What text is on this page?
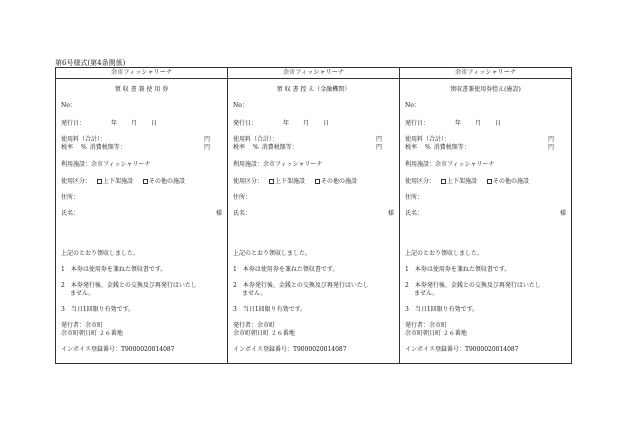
第6号様式(第4条関係)
余市フィッシャリーナ
領 収 書 兼 使 用 券
No：
発行日：	年 月 日
使用料（合計）：	円
税率 % 消費税額等：	円
利用施設：余市フィッシャリーナ
使用区分： 上下架施設	その他の施設
住所：
氏名：	様
上記のとおり領収しました。
1　本券は使用券を兼ねた領収書です。
2　本券発行後、金銭との交換及び再発行はいたし
ません。
3　当日1回限り有効です。
発行者：余市町
余市町朝日町 ２６番地
インボイス登録番号：T9000020014087
余市フィッシャリーナ
領 収 書 控 え（金融機関）
No：
発行日：	年 月 日
使用料（合計）：	円
税率 % 消費税額等：	円
利用施設：余市フィッシャリーナ
使用区分： 上下架施設	その他の施設
住所：
氏名：	様
上記のとおり領収しました。
1　本券は使用券を兼ねた領収書です。
2　本券発行後、金銭との交換及び再発行はいたし
ません。
3　当日1回限り有効です。
発行者：余市町
余市町朝日町 ２６番地
インボイス登録番号：T9000020014087
余市フィッシャリーナ
領収書兼使用券控え(施設)
No：
発行日：	年 月 日
使用料（合計）：	円
税率 % 消費税額等：	円
利用施設：余市フィッシャリーナ
使用区分： 上下架施設	その他の施設
住所：
氏名：	様
上記のとおり領収しました。
1　本券は使用券を兼ねた領収書です。
2　本券発行後、金銭との交換及び再発行はいたし
ません。
3　当日1回限り有効です。
発行者：余市町
余市町朝日町 ２６番地
インボイス登録番号：T9000020014087
